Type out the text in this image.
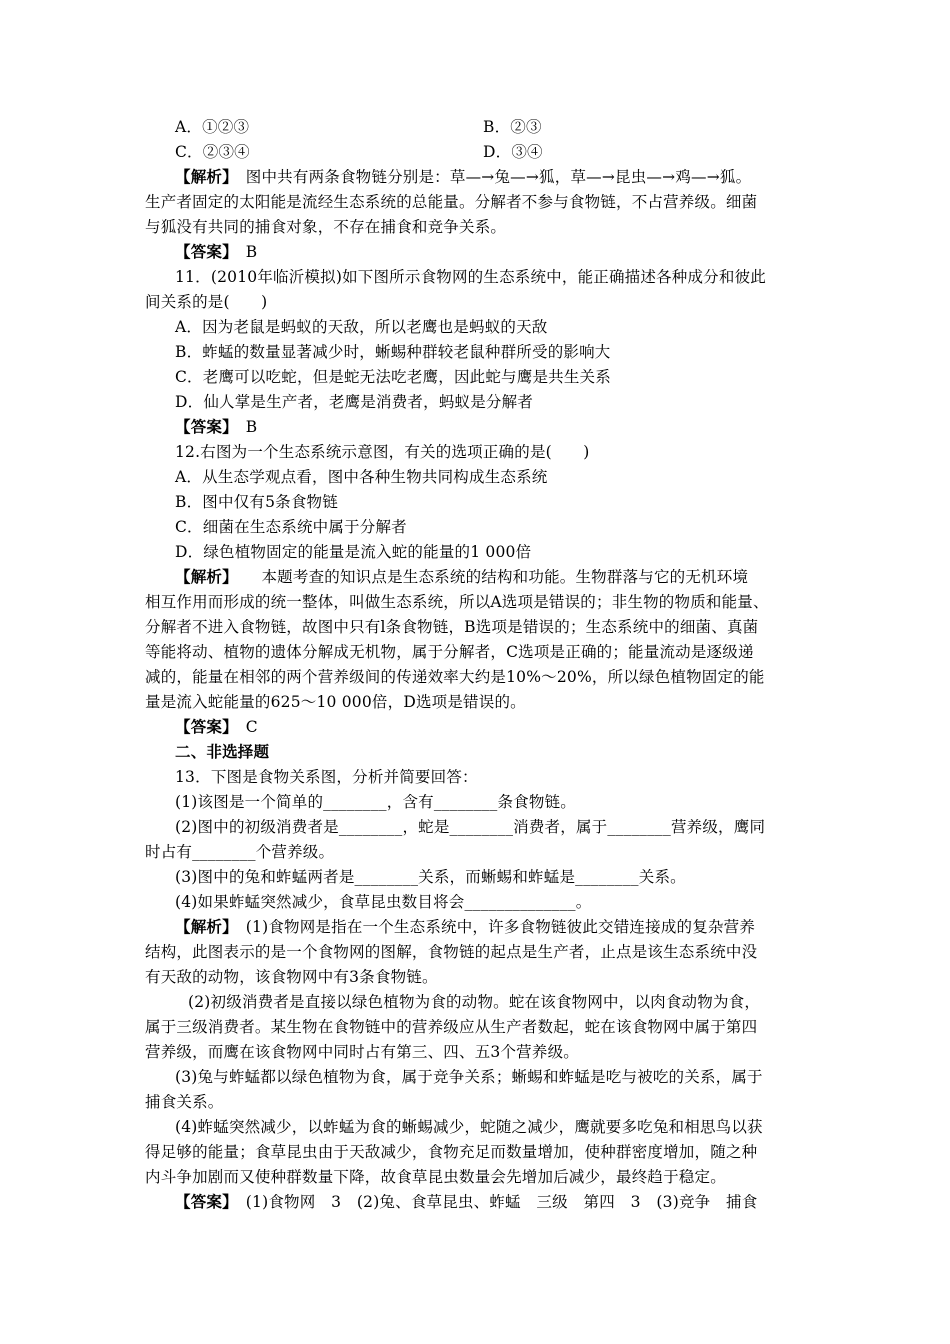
A．①②③	B．②③
C．②③④	D．③④
【解析】　图中共有两条食物链分别是：草—→兔—→狐，草—→昆虫—→鸡—→狐。
生产者固定的太阳能是流经生态系统的总能量。分解者不参与食物链，不占营养级。细菌
与狐没有共同的捕食对象，不存在捕食和竞争关系。
【答案】　B
11．(2010年临沂模拟)如下图所示食物网的生态系统中，能正确描述各种成分和彼此
间关系的是(　　)
A．因为老鼠是蚂蚁的天敌，所以老鹰也是蚂蚁的天敌
B．蚱蜢的数量显著减少时，蜥蜴种群较老鼠种群所受的影响大
C．老鹰可以吃蛇，但是蛇无法吃老鹰，因此蛇与鹰是共生关系
D．仙人掌是生产者，老鹰是消费者，蚂蚁是分解者
【答案】　B
12.右图为一个生态系统示意图，有关的选项正确的是(　　)
A．从生态学观点看，图中各种生物共同构成生态系统
B．图中仅有5条食物链
C．细菌在生态系统中属于分解者
D．绿色植物固定的能量是流入蛇的能量的1 000倍
【解析】　　本题考查的知识点是生态系统的结构和功能。生物群落与它的无机环境
相互作用而形成的统一整体，叫做生态系统，所以A选项是错误的；非生物的物质和能量、
分解者不进入食物链，故图中只有l条食物链，B选项是错误的；生态系统中的细菌、真菌
等能将动、植物的遗体分解成无机物，属于分解者，C选项是正确的；能量流动是逐级递
减的，能量在相邻的两个营养级间的传递效率大约是10%～20%，所以绿色植物固定的能
量是流入蛇能量的625～10 000倍，D选项是错误的。
【答案】　C
二、非选择题
13．下图是食物关系图，分析并简要回答：
(1)该图是一个简单的________，含有________条食物链。
(2)图中的初级消费者是________，蛇是________消费者，属于________营养级，鹰同
时占有________个营养级。
(3)图中的兔和蚱蜢两者是________关系，而蜥蜴和蚱蜢是________关系。
(4)如果蚱蜢突然减少，食草昆虫数目将会______________。
【解析】　(1)食物网是指在一个生态系统中，许多食物链彼此交错连接成的复杂营养
结构，此图表示的是一个食物网的图解，食物链的起点是生产者，止点是该生态系统中没
有天敌的动物，该食物网中有3条食物链。
(2)初级消费者是直接以绿色植物为食的动物。蛇在该食物网中，以肉食动物为食，
属于三级消费者。某生物在食物链中的营养级应从生产者数起，蛇在该食物网中属于第四
营养级，而鹰在该食物网中同时占有第三、四、五3个营养级。
(3)兔与蚱蜢都以绿色植物为食，属于竞争关系；蜥蜴和蚱蜢是吃与被吃的关系，属于
捕食关系。
(4)蚱蜢突然减少，以蚱蜢为食的蜥蜴减少，蛇随之减少，鹰就要多吃兔和相思鸟以获
得足够的能量；食草昆虫由于天敌减少，食物充足而数量增加，使种群密度增加，随之种
内斗争加剧而又使种群数量下降，故食草昆虫数量会先增加后减少，最终趋于稳定。
【答案】　(1)食物网　3　(2)兔、食草昆虫、蚱蜢　三级　第四　3　(3)竞争　捕食
